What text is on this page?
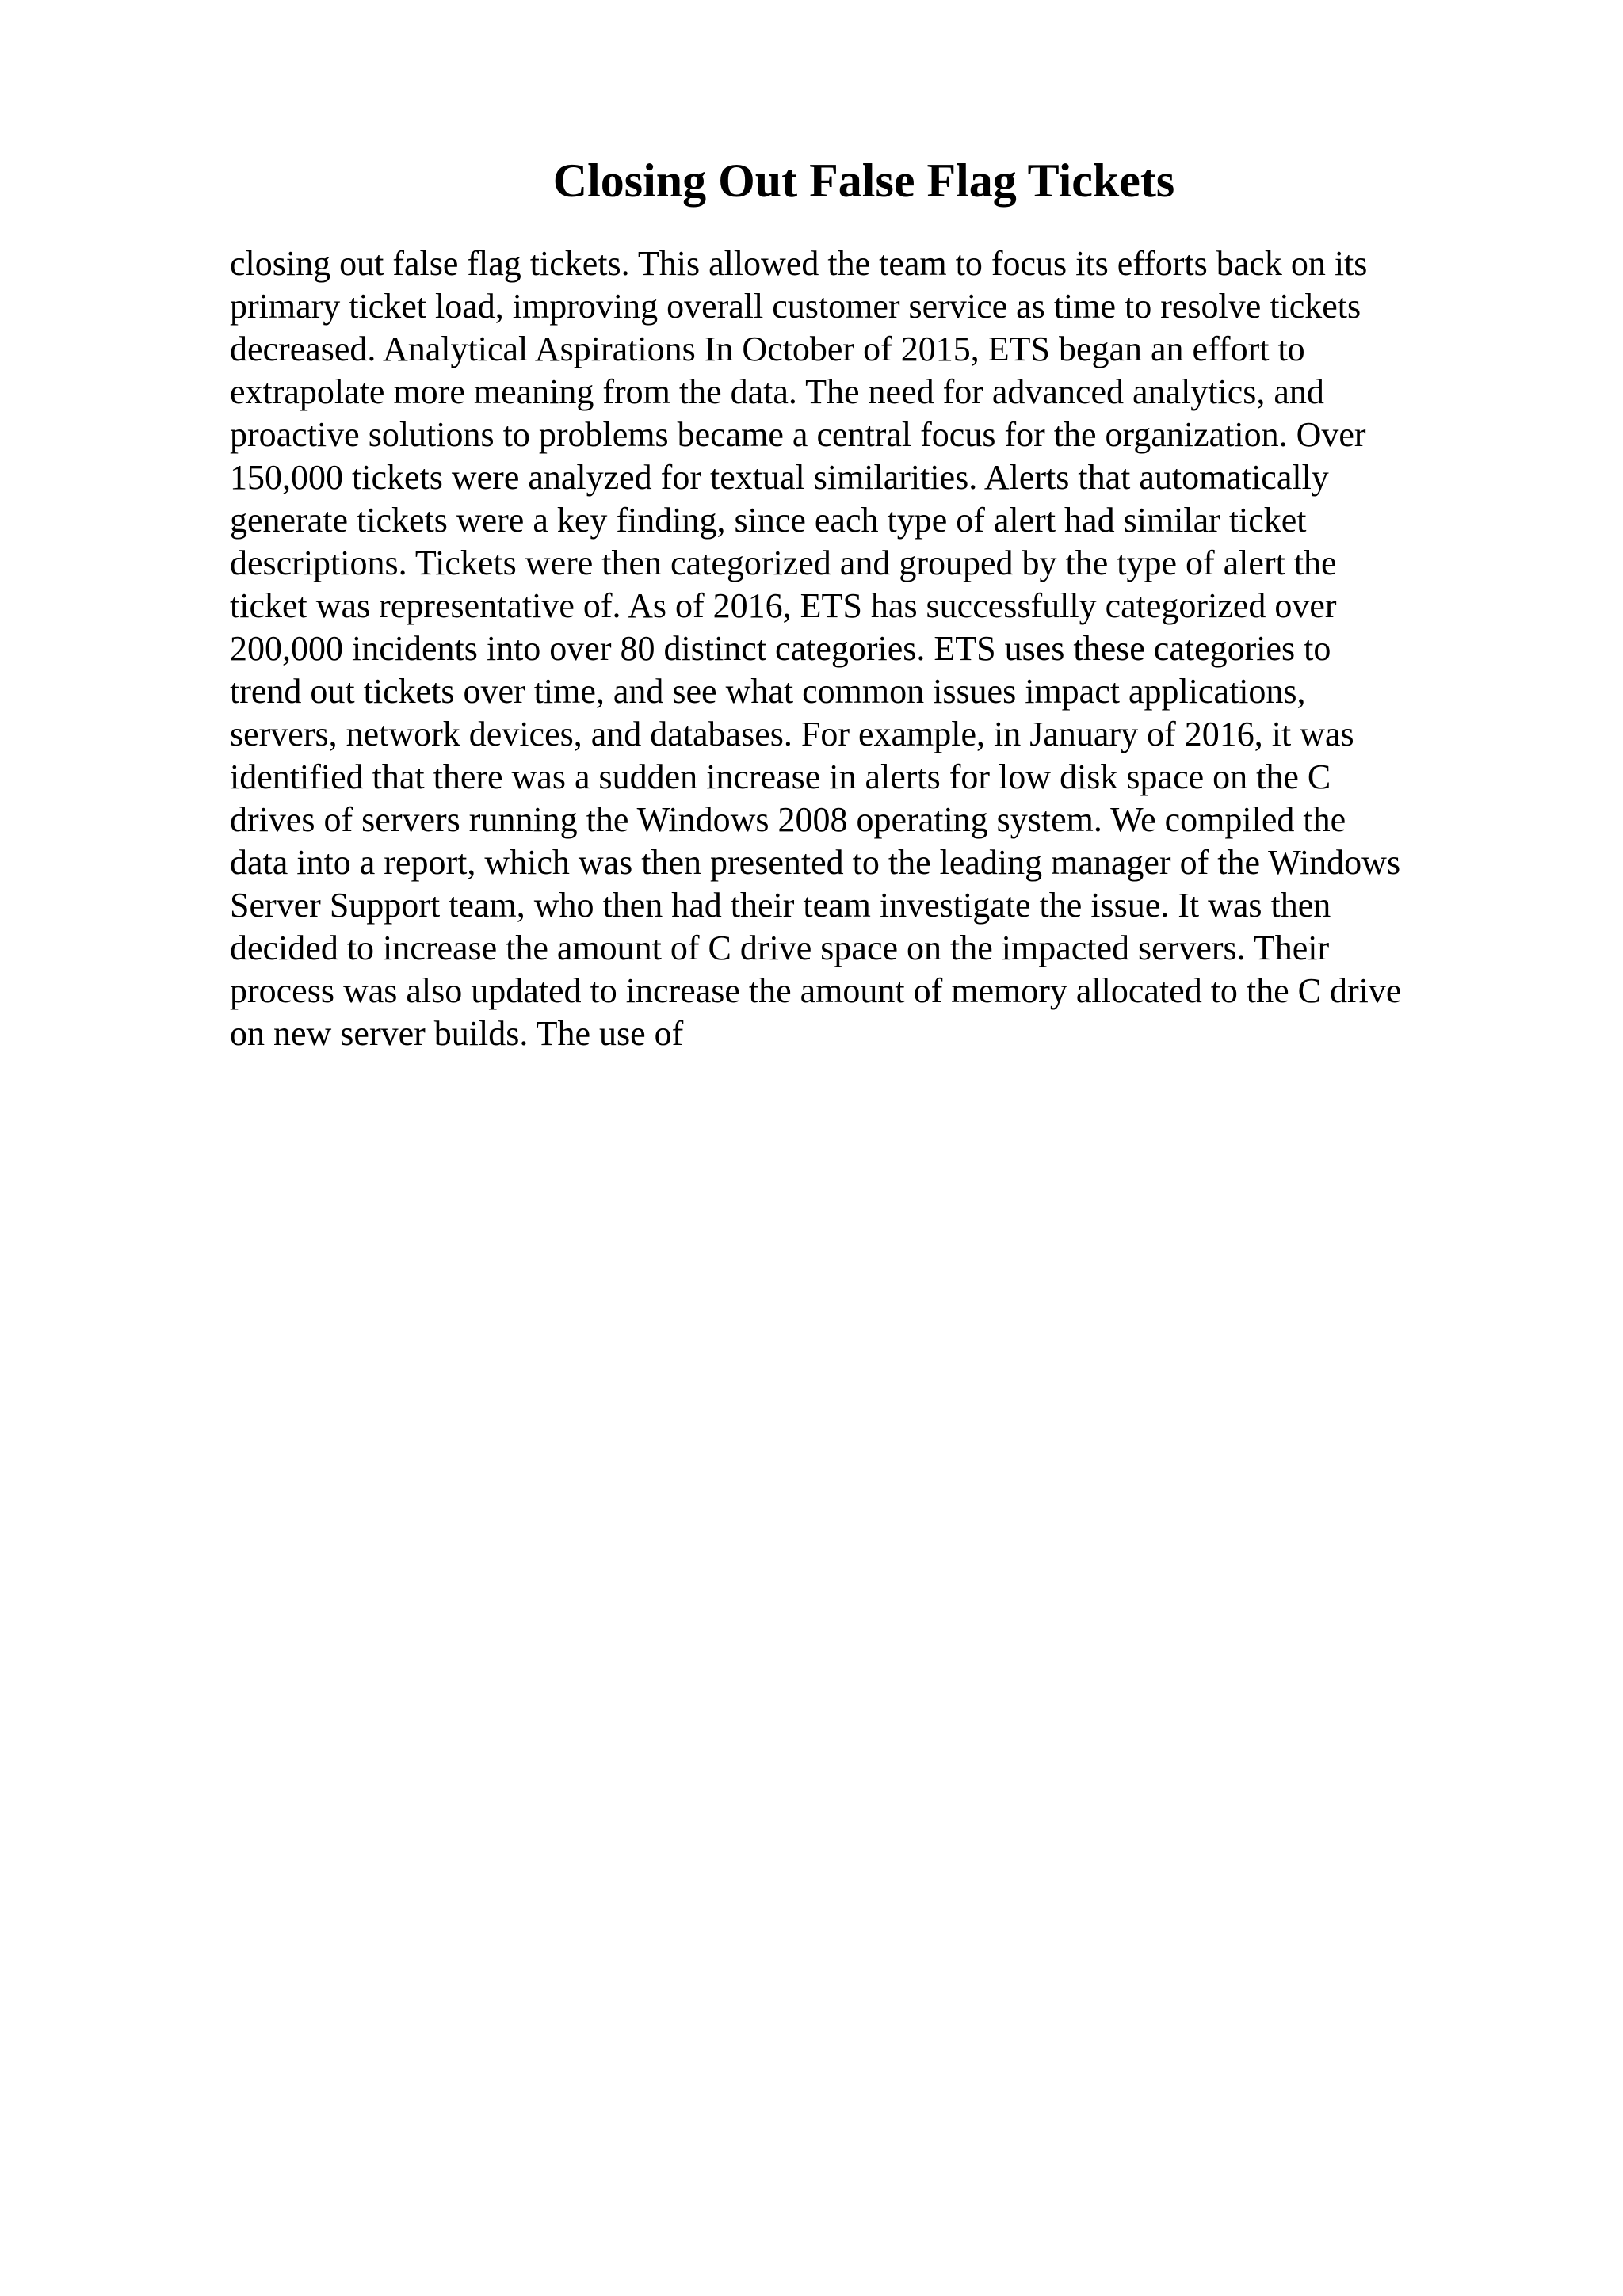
Closing Out False Flag Tickets
closing out false flag tickets. This allowed the team to focus its efforts back on its
primary ticket load, improving overall customer service as time to resolve tickets
decreased. Analytical Aspirations In October of 2015, ETS began an effort to
extrapolate more meaning from the data. The need for advanced analytics, and
proactive solutions to problems became a central focus for the organization. Over
150,000 tickets were analyzed for textual similarities. Alerts that automatically
generate tickets were a key finding, since each type of alert had similar ticket
descriptions. Tickets were then categorized and grouped by the type of alert the
ticket was representative of. As of 2016, ETS has successfully categorized over
200,000 incidents into over 80 distinct categories. ETS uses these categories to
trend out tickets over time, and see what common issues impact applications,
servers, network devices, and databases. For example, in January of 2016, it was
identified that there was a sudden increase in alerts for low disk space on the C
drives of servers running the Windows 2008 operating system. We compiled the
data into a report, which was then presented to the leading manager of the Windows
Server Support team, who then had their team investigate the issue. It was then
decided to increase the amount of C drive space on the impacted servers. Their
process was also updated to increase the amount of memory allocated to the C drive
on new server builds. The use of
